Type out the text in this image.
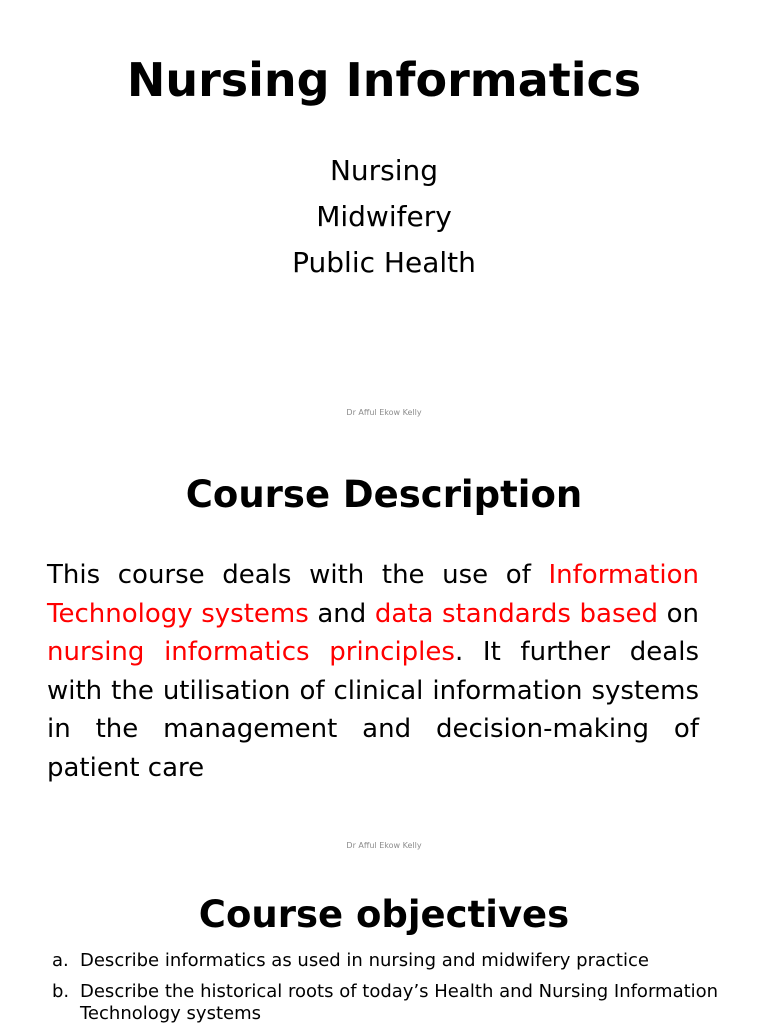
Nursing Informatics
Nursing
Midwifery
Public Health
Dr Afful Ekow Kelly
Course Description

This course deals with the use of Information Technology systems and data standards based on nursing informatics principles. It further deals with the utilisation of clinical information systems in the management and decision-making of patient care

Dr Afful Ekow Kelly
Course objectives
a. Describe informatics as used in nursing and midwifery practice
b. Describe the historical roots of today’s Health and Nursing Information Technology systems
